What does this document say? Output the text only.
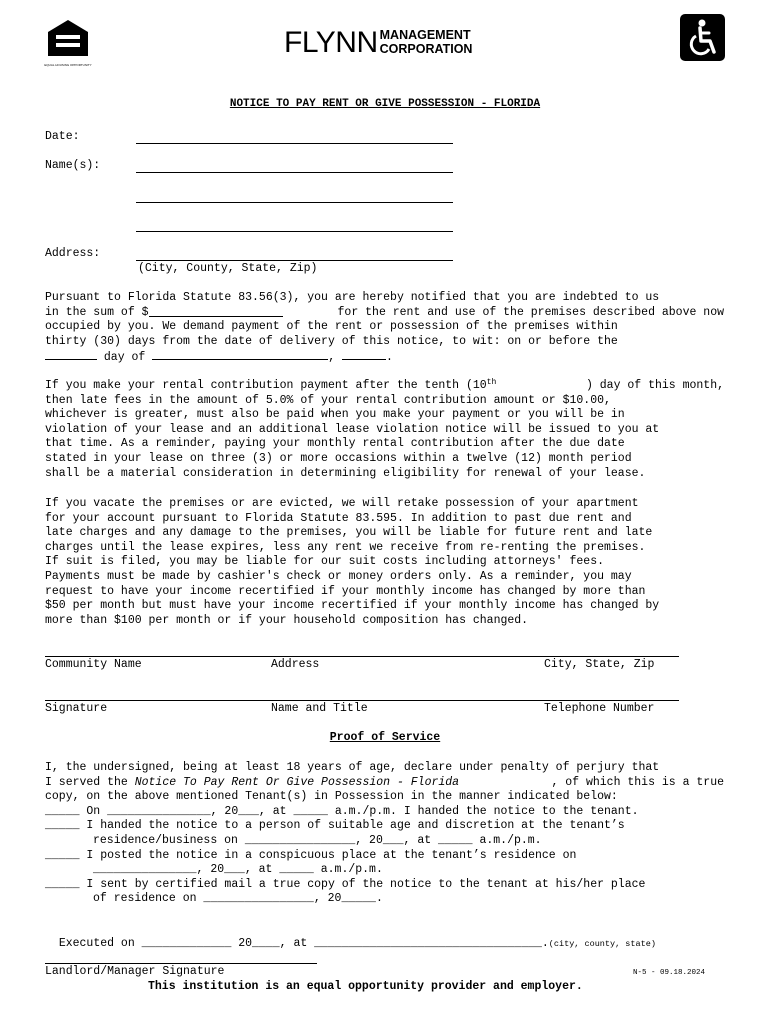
EQUAL HOUSING OPPORTUNITY
FLYNN MANAGEMENT
CORPORATION
NOTICE TO PAY RENT OR GIVE POSSESSION - FLORIDA
Date:
Name(s):
Address:
(City, County, State, Zip)
Pursuant to Florida Statute 83.56(3), you are hereby notified that you are indebted to us
in the sum of $	for the rent and use of the premises described above now
occupied by you. We demand payment of the rent or possession of the premises within
thirty (30) days from the date of delivery of this notice, to wit: on or before the
day of	,	.
If you make your rental contribution payment after the tenth (10 th	) day of this month,
then late fees in the amount of 5.0% of your rental contribution amount or $10.00,
whichever is greater, must also be paid when you make your payment or you will be in
violation of your lease and an additional lease violation notice will be issued to you at
that time. As a reminder, paying your monthly rental contribution after the due date
stated in your lease on three (3) or more occasions within a twelve (12) month period
shall be a material consideration in determining eligibility for renewal of your lease.
If you vacate the premises or are evicted, we will retake possession of your apartment
for your account pursuant to Florida Statute 83.595. In addition to past due rent and
late charges and any damage to the premises, you will be liable for future rent and late
charges until the lease expires, less any rent we receive from re-renting the premises.
If suit is filed, you may be liable for our suit costs including attorneys' fees.
Payments must be made by cashier's check or money orders only. As a reminder, you may
request to have your income recertified if your monthly income has changed by more than
$50 per month but must have your income recertified if your monthly income has changed by
more than $100 per month or if your household composition has changed.
Community Name	Address	City, State, Zip
Signature	Name and Title	Telephone Number
Proof of Service
I, the undersigned, being at least 18 years of age, declare under penalty of perjury that
I served the Notice To Pay Rent Or Give Possession - Florida	, of which this is a true
copy, on the above mentioned Tenant(s) in Possession in the manner indicated below:
_____ On _______________, 20___, at _____ a.m./p.m. I handed the notice to the tenant.
_____ I handed the notice to a person of suitable age and discretion at the tenant’s
residence/business on ________________, 20___, at _____ a.m./p.m.
_____ I posted the notice in a conspicuous place at the tenant’s residence on
_______________, 20___, at _____ a.m./p.m.
_____ I sent by certified mail a true copy of the notice to the tenant at his/her place
of residence on ________________, 20_____.

Executed on _____________ 20____, at _________________________________.(city, county, state)

Landlord/Manager Signature	N-5 - 09.18.2024
This institution is an equal opportunity provider and employer.
